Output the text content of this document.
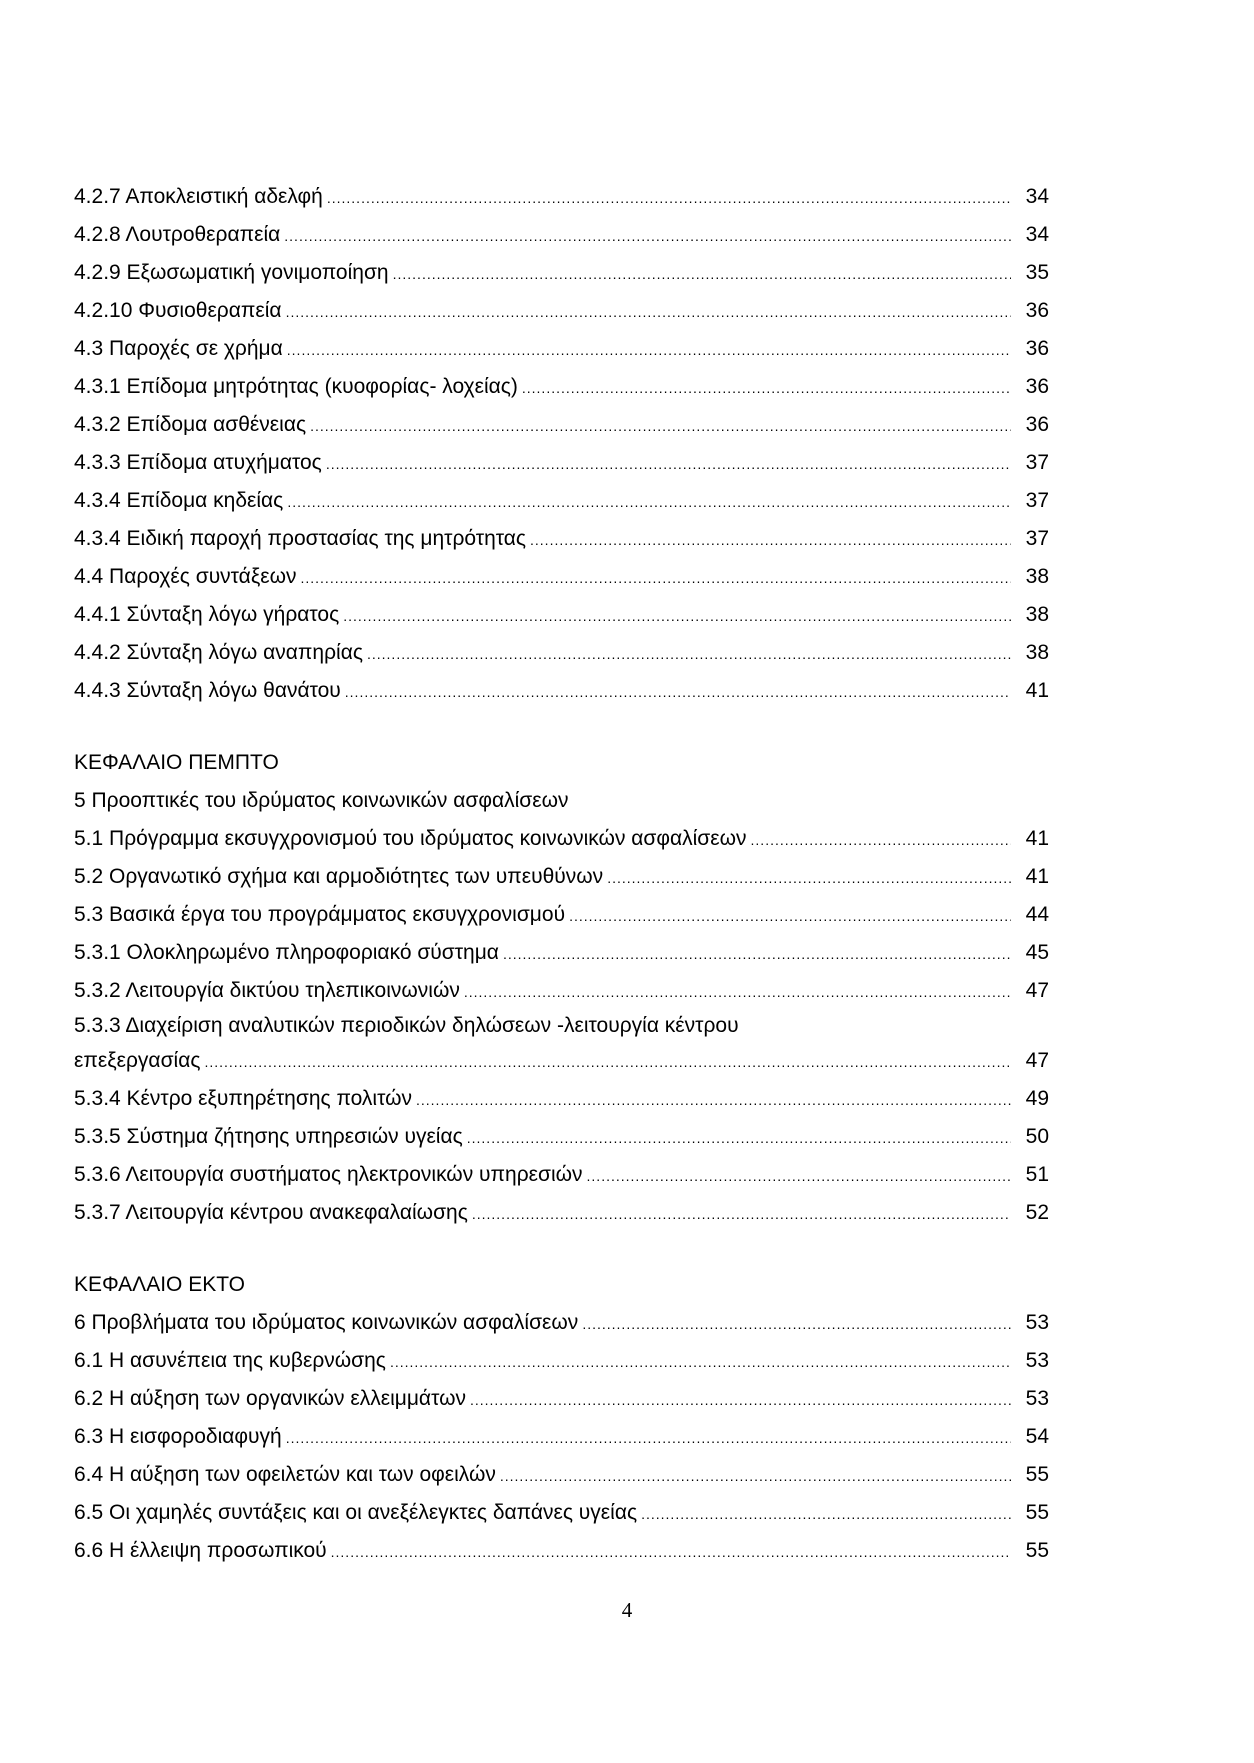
4.2.7 Αποκλειστική αδελφή .....	34
4.2.8 Λουτροθεραπεία .....	34
4.2.9 Εξωσωματική γονιμοποίηση .....	35
4.2.10 Φυσιοθεραπεία .....	36
4.3 Παροχές σε χρήμα .....	36
4.3.1 Επίδομα μητρότητας (κυοφορίας- λοχείας) .....	36
4.3.2 Επίδομα ασθένειας .....	36
4.3.3 Επίδομα ατυχήματος .....	37
4.3.4 Επίδομα κηδείας .....	37
4.3.4 Ειδική παροχή προστασίας της μητρότητας .....	37
4.4 Παροχές συντάξεων .....	38
4.4.1 Σύνταξη λόγω γήρατος .....	38
4.4.2 Σύνταξη λόγω αναπηρίας .....	38
4.4.3 Σύνταξη λόγω θανάτου .....	41
ΚΕΦΑΛΑΙΟ ΠΕΜΠΤΟ
5 Προοπτικές του ιδρύματος κοινωνικών ασφαλίσεων
5.1 Πρόγραμμα εκσυγχρονισμού του ιδρύματος κοινωνικών ασφαλίσεων .....	41
5.2 Οργανωτικό σχήμα και αρμοδιότητες των υπευθύνων .....	41
5.3 Βασικά έργα του προγράμματος εκσυγχρονισμού .....	44
5.3.1 Ολοκληρωμένο πληροφοριακό σύστημα .....	45
5.3.2 Λειτουργία δικτύου τηλεπικοινωνιών .....	47
5.3.3 Διαχείριση αναλυτικών περιοδικών δηλώσεων -λειτουργία κέντρου
επεξεργασίας .....	47
5.3.4 Κέντρο εξυπηρέτησης πολιτών .....	49
5.3.5 Σύστημα ζήτησης υπηρεσιών υγείας .....	50
5.3.6 Λειτουργία συστήματος ηλεκτρονικών υπηρεσιών .....	51
5.3.7 Λειτουργία κέντρου ανακεφαλαίωσης .....	52
ΚΕΦΑΛΑΙΟ ΕΚΤΟ
6 Προβλήματα του ιδρύματος κοινωνικών ασφαλίσεων .....	53
6.1 Η ασυνέπεια της κυβερνώσης .....	53
6.2 Η αύξηση των οργανικών ελλειμμάτων .....	53
6.3 Η εισφοροδιαφυγή .....	54
6.4 Η αύξηση των οφειλετών και των οφειλών .....	55
6.5 Οι χαμηλές συντάξεις και οι ανεξέλεγκτες δαπάνες υγείας .....	55
6.6 Η έλλειψη προσωπικού .....	55
4
